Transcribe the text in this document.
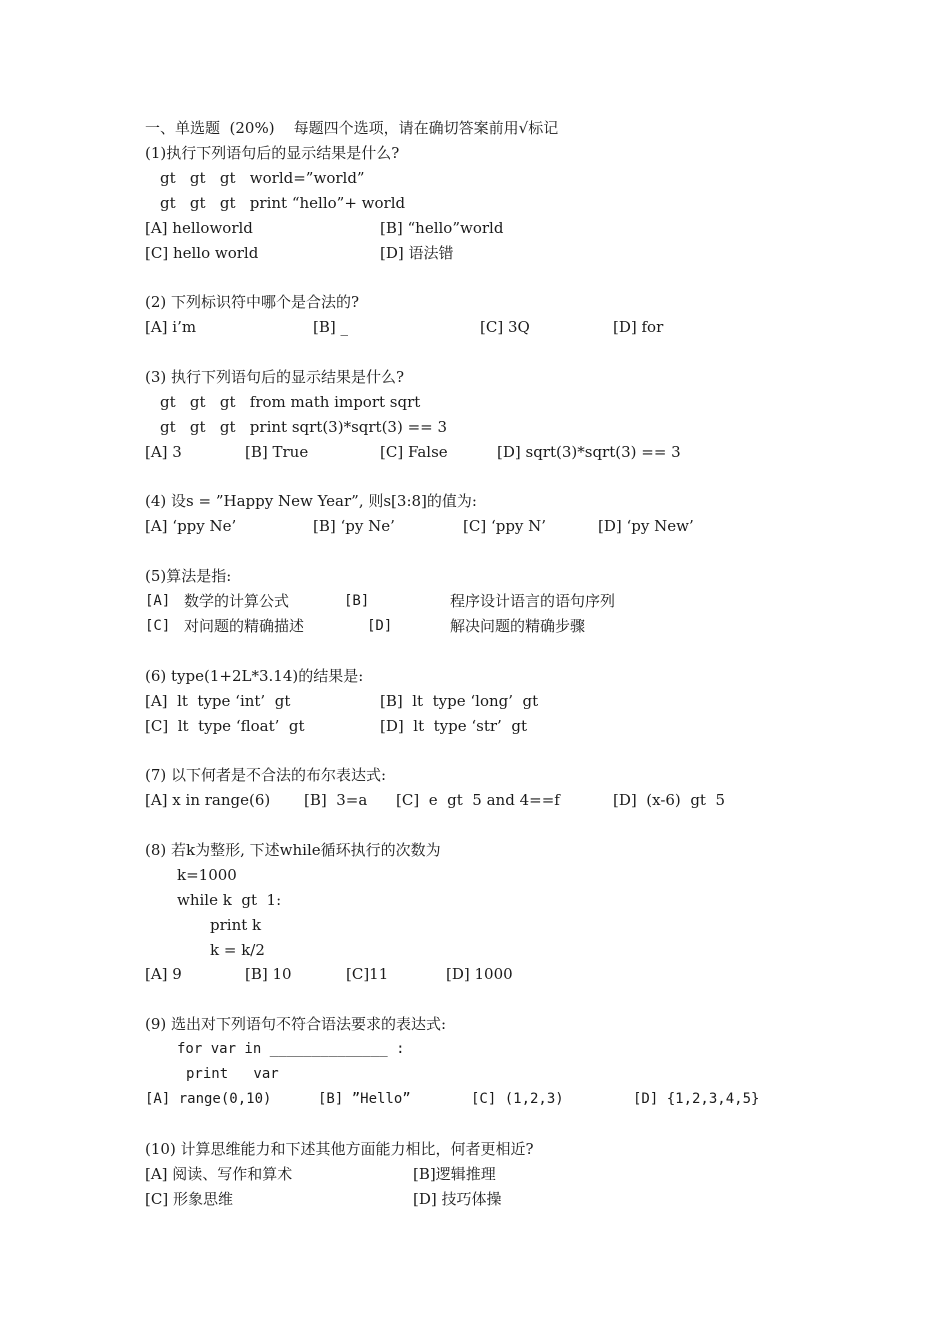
一、单选题  (20%)    每题四个选项，请在确切答案前用√标记
(1)执行下列语句后的显示结果是什么?
gt   gt   gt   world=”world”
gt   gt   gt   print “hello”+ world
[A] helloworld	[B] “hello”world
[C] hello world	[D] 语法错
(2) 下列标识符中哪个是合法的?
[A] i’m	[B] _	[C] 3Q	[D] for
(3) 执行下列语句后的显示结果是什么?
gt   gt   gt   from math import sqrt
gt   gt   gt   print sqrt(3)*sqrt(3) == 3
[A] 3	[B] True	[C] False	[D] sqrt(3)*sqrt(3) == 3
(4) 设s = ”Happy New Year”, 则s[3:8]的值为:
[A] ‘ppy Ne’	[B] ‘py Ne’	[C] ‘ppy N’	[D] ‘py New’
(5)算法是指:
[A] 数学的计算公式	[B]	程序设计语言的语句序列
[C] 对问题的精确描述	[D]	解决问题的精确步骤
(6) type(1+2L*3.14)的结果是:
[A]  lt  type ‘int’  gt	[B]  lt  type ‘long’  gt
[C]  lt  type ‘float’  gt	[D]  lt  type ‘str’  gt
(7) 以下何者是不合法的布尔表达式:
[A] x in range(6) [B]  3=a [C]  e  gt  5 and 4==f	[D]  (x-6)  gt  5
(8) 若k为整形, 下述while循环执行的次数为
k=1000
while k  gt  1:
print k
k = k/2
[A] 9	[B] 10	[C]11	[D] 1000
(9) 选出对下列语句不符合语法要求的表达式:
for var in ______________ :
print   var
[A] range(0,10)	[B] ”Hello”	[C] (1,2,3)	[D] {1,2,3,4,5}
(10) 计算思维能力和下述其他方面能力相比，何者更相近?
[A] 阅读、写作和算术	[B]逻辑推理
[C] 形象思维	[D] 技巧体操
